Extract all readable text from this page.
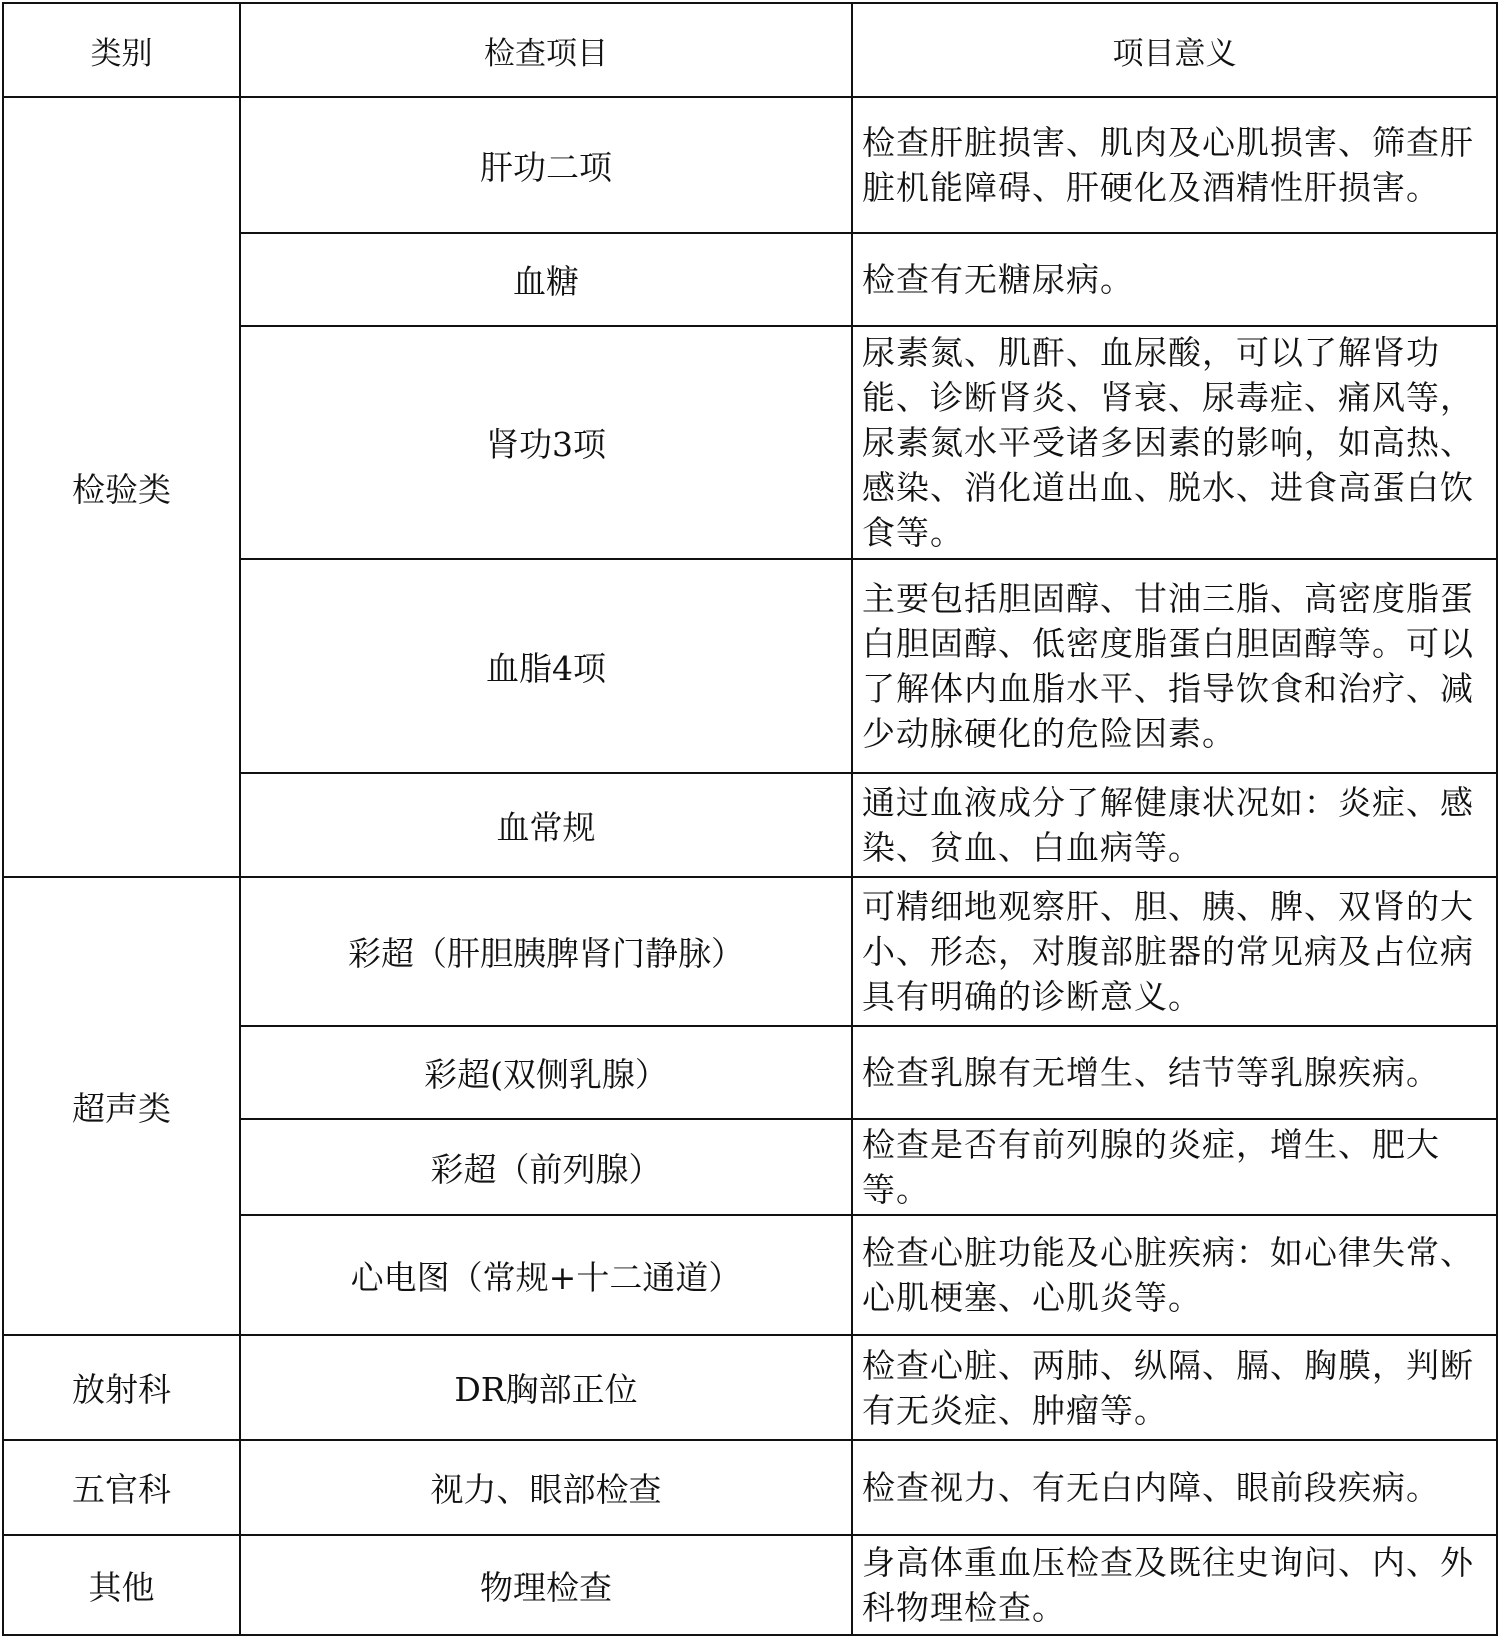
类别	检查项目	项目意义
检验类	肝功二项	检查肝脏损害、肌肉及心肌损害、筛查肝脏机能障碍、肝硬化及酒精性肝损害。
	血糖	检查有无糖尿病。
	肾功3项	尿素氮、肌酐、血尿酸，可以了解肾功能、诊断肾炎、肾衰、尿毒症、痛风等，尿素氮水平受诸多因素的影响，如高热、感染、消化道出血、脱水、进食高蛋白饮食等。
	血脂4项	主要包括胆固醇、甘油三脂、高密度脂蛋白胆固醇、低密度脂蛋白胆固醇等。可以了解体内血脂水平、指导饮食和治疗、减少动脉硬化的危险因素。
	血常规	通过血液成分了解健康状况如：炎症、感染、贫血、白血病等。
超声类	彩超（肝胆胰脾肾门静脉）	可精细地观察肝、胆、胰、脾、双肾的大小、形态，对腹部脏器的常见病及占位病具有明确的诊断意义。
	彩超(双侧乳腺）	检查乳腺有无增生、结节等乳腺疾病。
	彩超（前列腺）	检查是否有前列腺的炎症，增生、肥大等。
	心电图（常规+十二通道）	检查心脏功能及心脏疾病：如心律失常、心肌梗塞、心肌炎等。
放射科	DR胸部正位	检查心脏、两肺、纵隔、膈、胸膜，判断有无炎症、肿瘤等。
五官科	视力、眼部检查	检查视力、有无白内障、眼前段疾病。
其他	物理检查	身高体重血压检查及既往史询问、内、外科物理检查。
